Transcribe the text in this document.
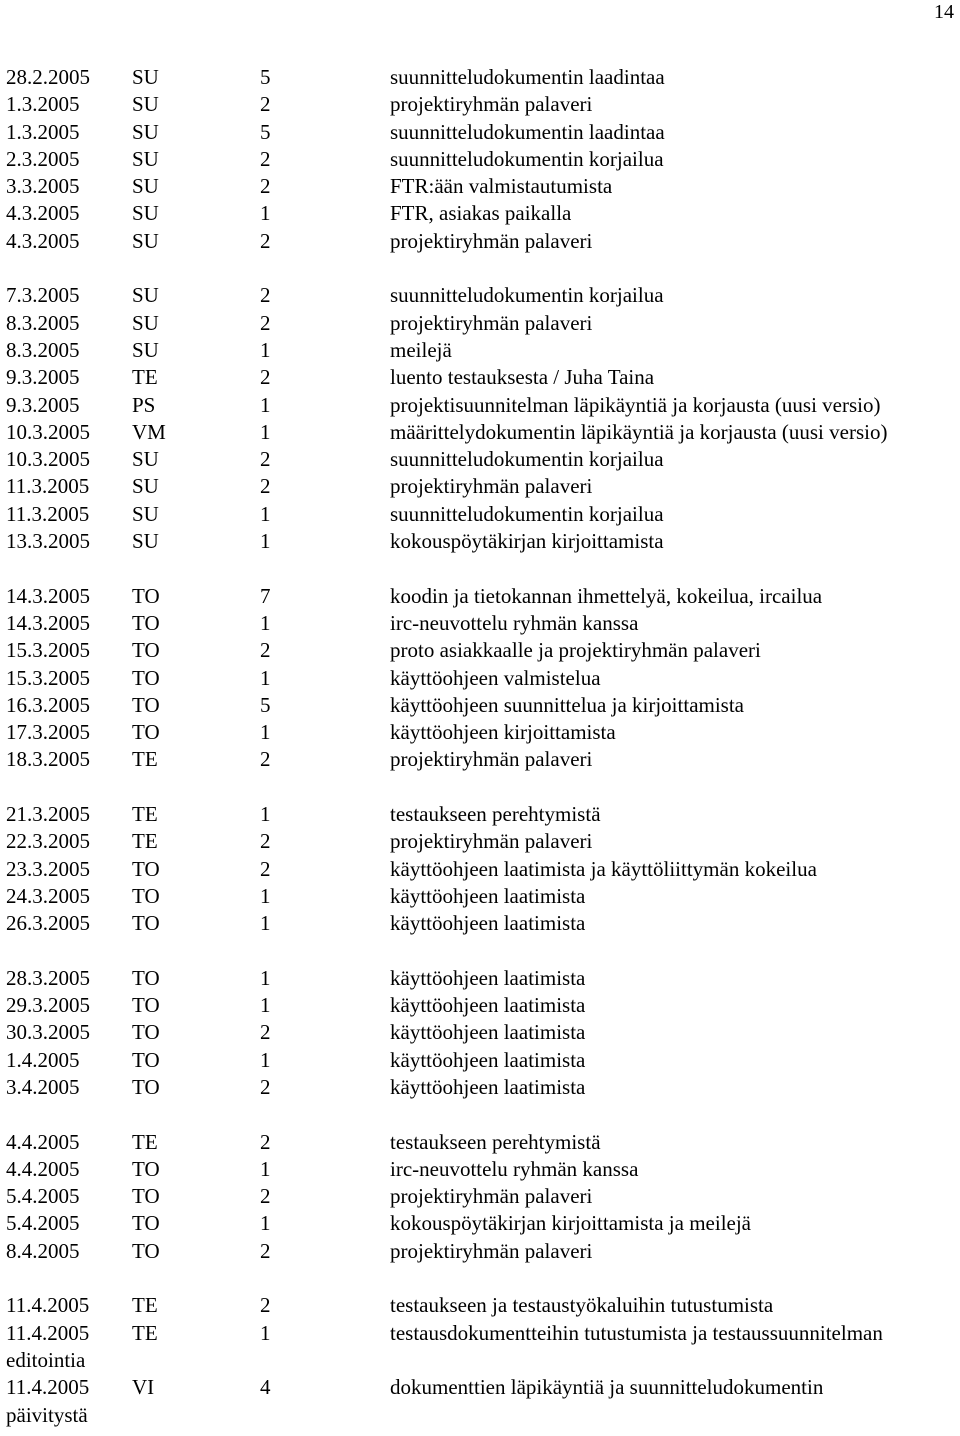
14
28.2.2005 SU	5	suunnitteludokumentin laadintaa
1.3.2005	SU	2	projektiryhmän palaveri
1.3.2005	SU	5	suunnitteludokumentin laadintaa
2.3.2005	SU	2	suunnitteludokumentin korjailua
3.3.2005	SU	2	FTR:ään valmistautumista
4.3.2005	SU	1	FTR, asiakas paikalla
4.3.2005	SU	2	projektiryhmän palaveri
7.3.2005	SU	2	suunnitteludokumentin korjailua
8.3.2005	SU	2	projektiryhmän palaveri
8.3.2005	SU	1	meilejä
9.3.2005	TE	2	luento testauksesta / Juha Taina
9.3.2005	PS	1	projektisuunnitelman läpikäyntiä ja korjausta (uusi versio)
10.3.2005 VM	1	määrittelydokumentin läpikäyntiä ja korjausta (uusi versio)
10.3.2005 SU	2	suunnitteludokumentin korjailua
11.3.2005 SU	2	projektiryhmän palaveri
11.3.2005 SU	1	suunnitteludokumentin korjailua
13.3.2005 SU	1	kokouspöytäkirjan kirjoittamista
14.3.2005 TO	7	koodin ja tietokannan ihmettelyä, kokeilua, ircailua
14.3.2005 TO	1	irc-neuvottelu ryhmän kanssa
15.3.2005 TO	2	proto asiakkaalle ja projektiryhmän palaveri
15.3.2005 TO	1	käyttöohjeen valmistelua
16.3.2005 TO	5	käyttöohjeen suunnittelua ja kirjoittamista
17.3.2005 TO	1	käyttöohjeen kirjoittamista
18.3.2005 TE	2	projektiryhmän palaveri
21.3.2005 TE	1	testaukseen perehtymistä
22.3.2005 TE	2	projektiryhmän palaveri
23.3.2005 TO	2	käyttöohjeen laatimista ja käyttöliittymän kokeilua
24.3.2005 TO	1	käyttöohjeen laatimista
26.3.2005 TO	1	käyttöohjeen laatimista
28.3.2005 TO	1	käyttöohjeen laatimista
29.3.2005 TO	1	käyttöohjeen laatimista
30.3.2005 TO	2	käyttöohjeen laatimista
1.4.2005	TO	1	käyttöohjeen laatimista
3.4.2005	TO	2	käyttöohjeen laatimista
4.4.2005	TE	2	testaukseen perehtymistä
4.4.2005	TO	1	irc-neuvottelu ryhmän kanssa
5.4.2005	TO	2	projektiryhmän palaveri
5.4.2005	TO	1	kokouspöytäkirjan kirjoittamista ja meilejä
8.4.2005	TO	2	projektiryhmän palaveri
11.4.2005 TE	2	testaukseen ja testaustyökaluihin tutustumista
11.4.2005 TE	1	testausdokumentteihin tutustumista ja testaussuunnitelman
editointia
11.4.2005 VI	4	dokumenttien läpikäyntiä ja suunnitteludokumentin
päivitystä
